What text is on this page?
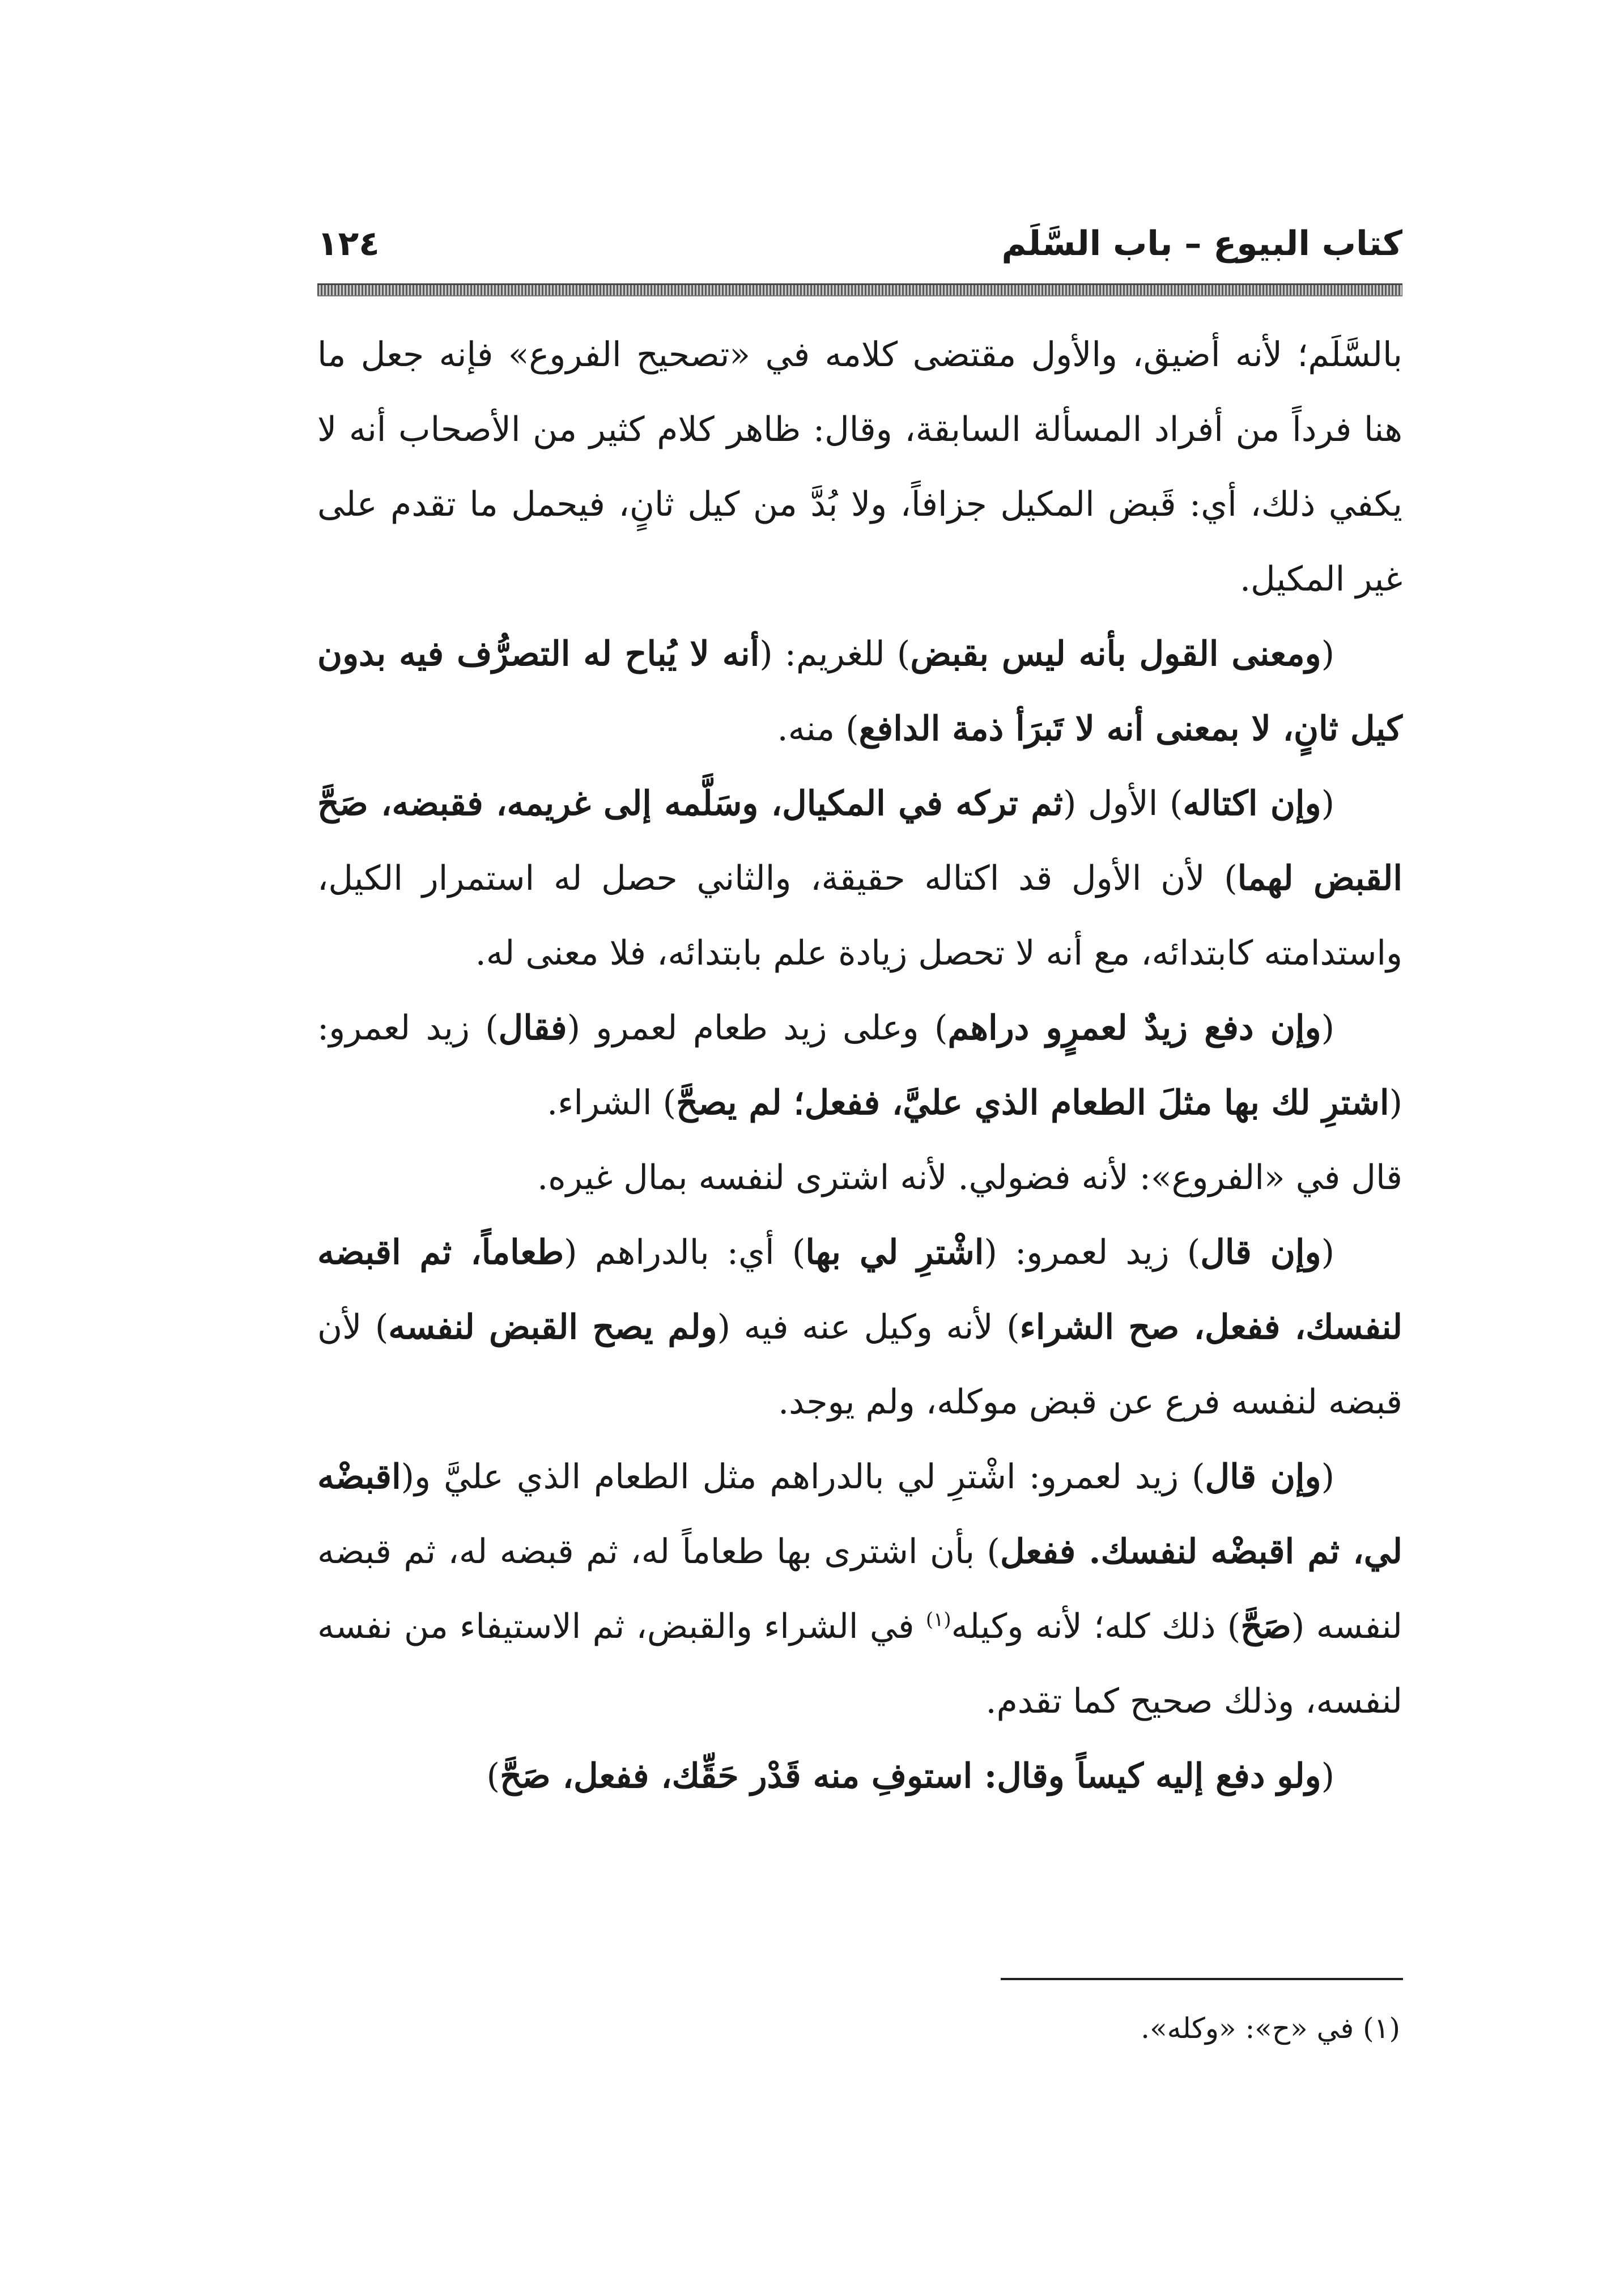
كتاب البيوع – باب السَّلَم
١٢٤

بالسَّلَم؛ لأنه أضيق، والأول مقتضى كلامه في «تصحيح الفروع» فإنه جعل ما هنا فرداً من أفراد المسألة السابقة، وقال: ظاهر كلام كثير من الأصحاب أنه لا يكفي ذلك، أي: قَبض المكيل جزافاً، ولا بُدَّ من كيل ثانٍ، فيحمل ما تقدم على غير المكيل.

(ومعنى القول بأنه ليس بقبض) للغريم: (أنه لا يُباح له التصرُّف فيه بدون كيل ثانٍ، لا بمعنى أنه لا تَبرَأ ذمة الدافع) منه.

(وإن اكتاله) الأول (ثم تركه في المكيال، وسَلَّمه إلى غريمه، فقبضه، صَحَّ القبض لهما) لأن الأول قد اكتاله حقيقة، والثاني حصل له استمرار الكيل، واستدامته كابتدائه، مع أنه لا تحصل زيادة علم بابتدائه، فلا معنى له.

(وإن دفع زيدٌ لعمرٍو دراهم) وعلى زيد طعام لعمرو (فقال) زيد لعمرو: (اشترِ لك بها مثلَ الطعام الذي عليَّ، ففعل؛ لم يصحَّ) الشراء.

قال في «الفروع»: لأنه فضولي. لأنه اشترى لنفسه بمال غيره.

(وإن قال) زيد لعمرو: (اشْترِ لي بها) أي: بالدراهم (طعاماً، ثم اقبضه لنفسك، ففعل، صح الشراء) لأنه وكيل عنه فيه (ولم يصح القبض لنفسه) لأن قبضه لنفسه فرع عن قبض موكله، ولم يوجد.

(وإن قال) زيد لعمرو: اشْترِ لي بالدراهم مثل الطعام الذي عليَّ و(اقبضْه لي، ثم اقبضْه لنفسك. ففعل) بأن اشترى بها طعاماً له، ثم قبضه له، ثم قبضه لنفسه (صَحَّ) ذلك كله؛ لأنه وكيله$^{(١)}$ في الشراء والقبض، ثم الاستيفاء من نفسه لنفسه، وذلك صحيح كما تقدم.

(ولو دفع إليه كيساً وقال: استوفِ منه قَدْر حَقِّك، ففعل، صَحَّ)

(١) في «ح»: «وكله».
